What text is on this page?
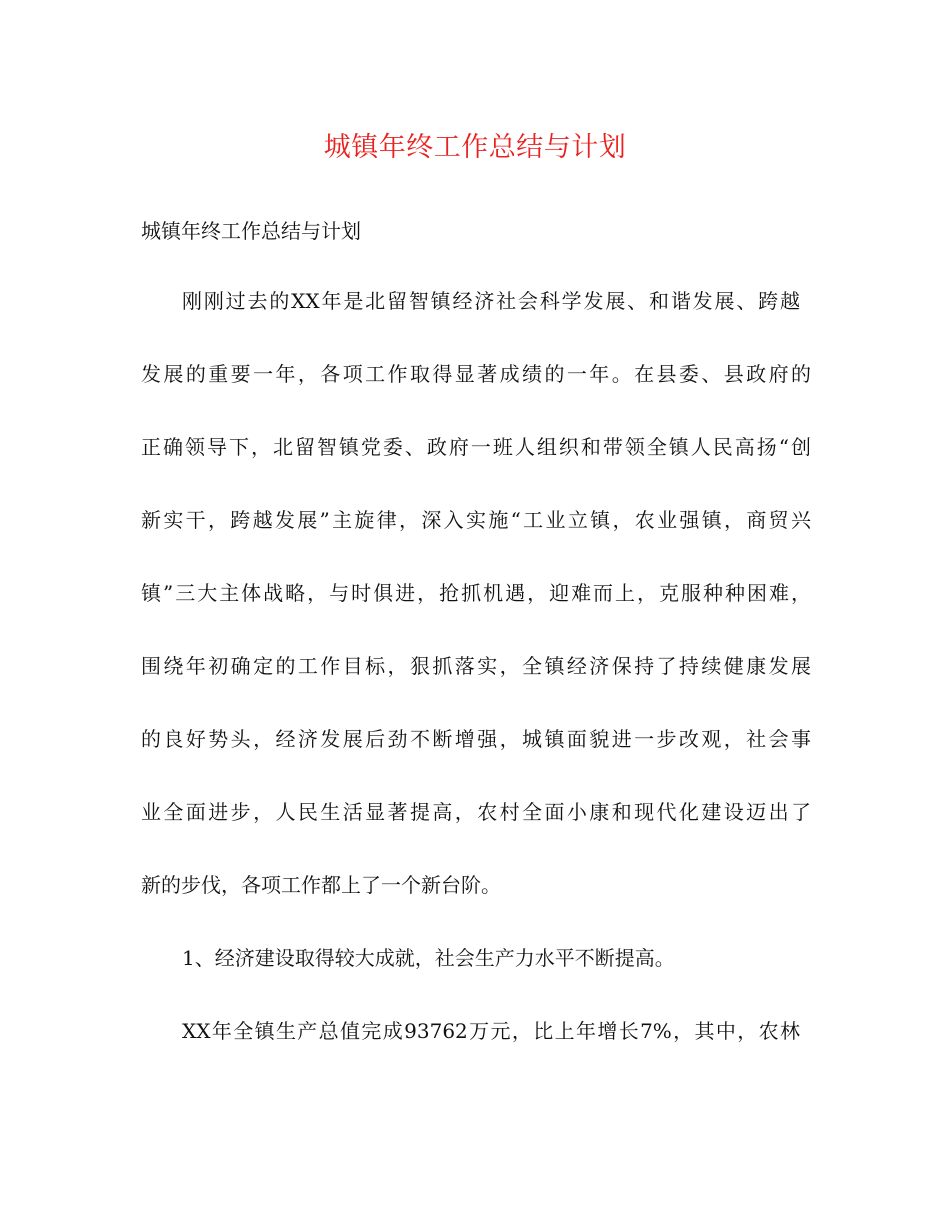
城镇年终工作总结与计划
城镇年终工作总结与计划
刚刚过去的XX年是北留智镇经济社会科学发展、和谐发展、跨越
发展的重要一年，各项工作取得显著成绩的一年。在县委、县政府的
正确领导下，北留智镇党委、政府一班人组织和带领全镇人民高扬“创
新实干，跨越发展”主旋律，深入实施“工业立镇，农业强镇，商贸兴
镇”三大主体战略，与时俱进，抢抓机遇，迎难而上，克服种种困难，
围绕年初确定的工作目标，狠抓落实，全镇经济保持了持续健康发展
的良好势头，经济发展后劲不断增强，城镇面貌进一步改观，社会事
业全面进步，人民生活显著提高，农村全面小康和现代化建设迈出了
新的步伐，各项工作都上了一个新台阶。
1、经济建设取得较大成就，社会生产力水平不断提高。
XX年全镇生产总值完成93762万元，比上年增长7%，其中，农林
